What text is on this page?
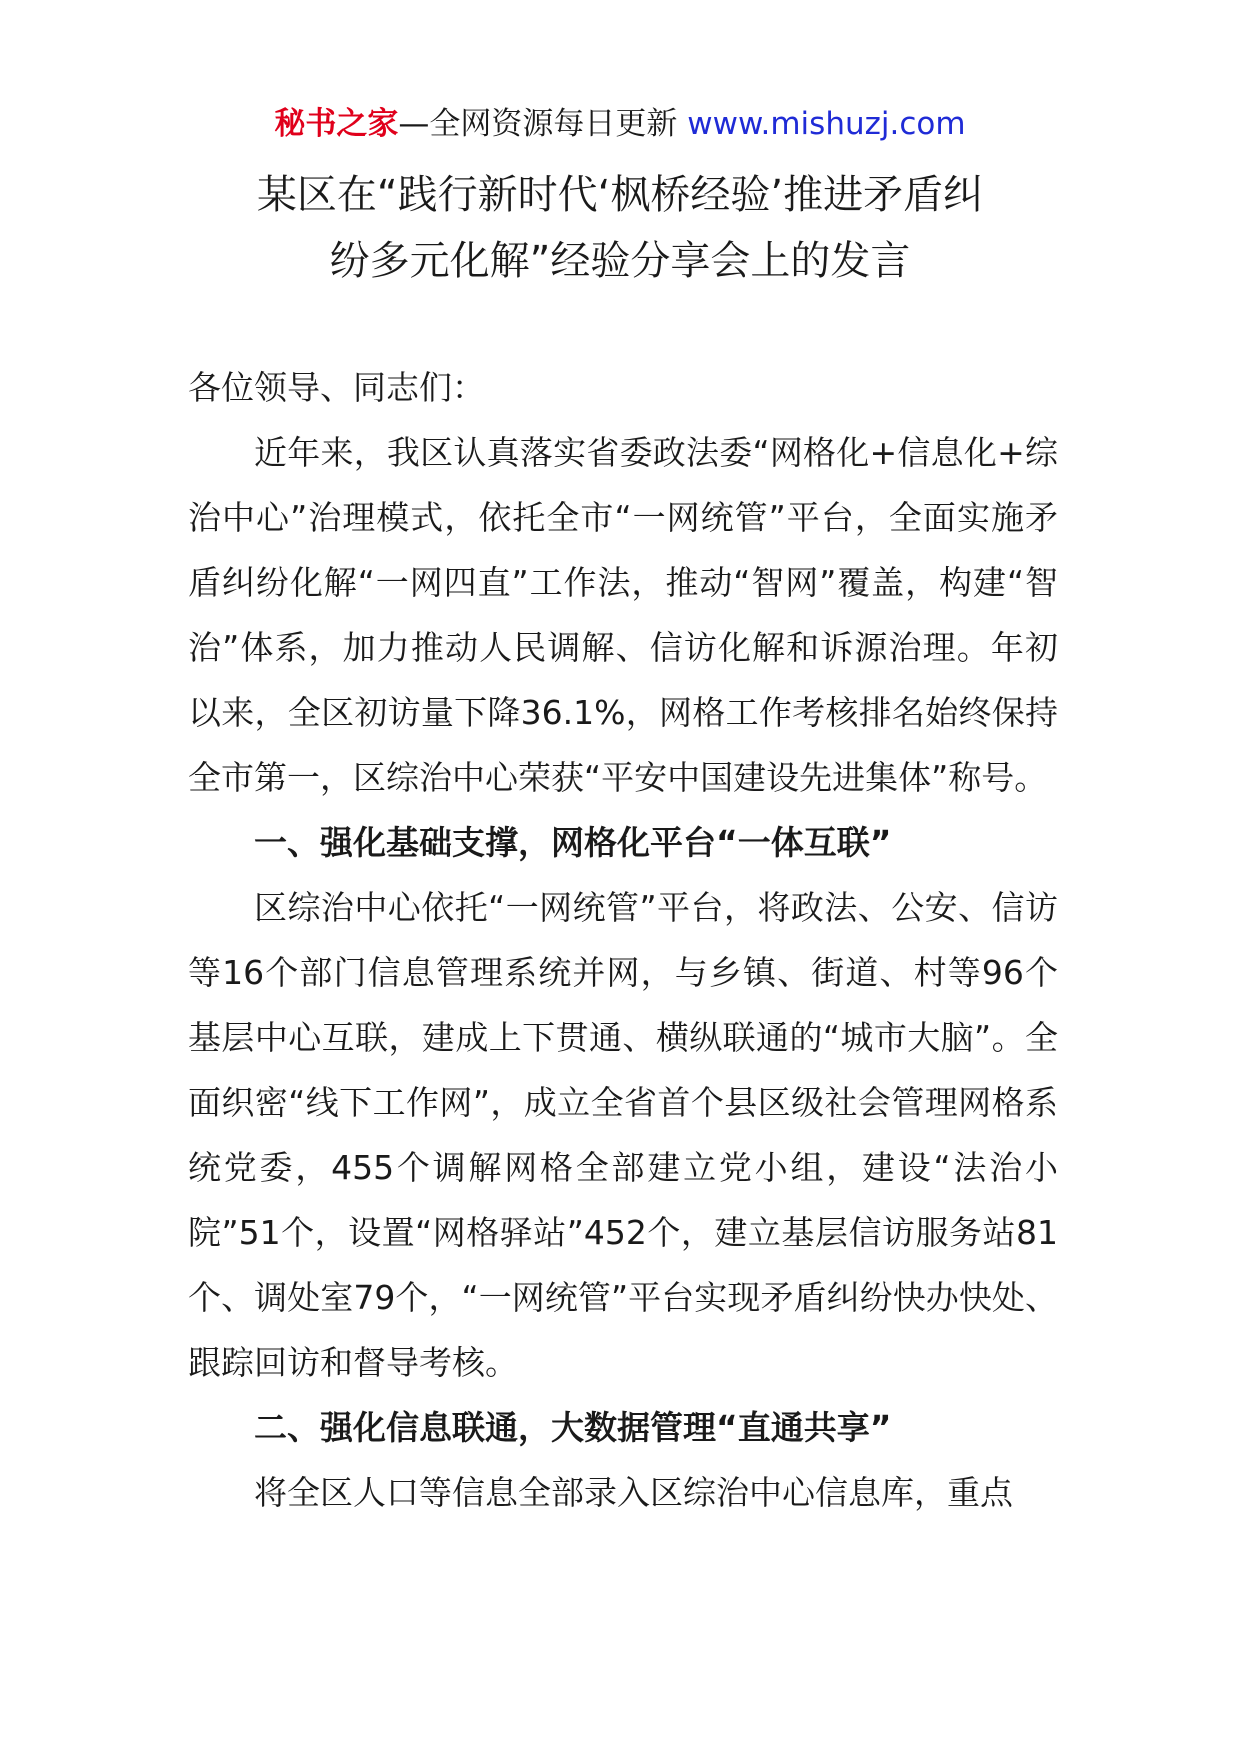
秘书之家—全网资源每日更新 www.mishuzj.com
某区在“践行新时代‘枫桥经验’推进矛盾纠
纷多元化解”经验分享会上的发言

各位领导、同志们：

近年来，我区认真落实省委政法委“网格化+信息化+综治中心”治理模式，依托全市“一网统管”平台，全面实施矛盾纠纷化解“一网四直”工作法，推动“智网”覆盖，构建“智治”体系，加力推动人民调解、信访化解和诉源治理。年初以来，全区初访量下降36.1%，网格工作考核排名始终保持全市第一，区综治中心荣获“平安中国建设先进集体”称号。

一、强化基础支撑，网格化平台“一体互联”

区综治中心依托“一网统管”平台，将政法、公安、信访等16个部门信息管理系统并网，与乡镇、街道、村等96个基层中心互联，建成上下贯通、横纵联通的“城市大脑”。全面织密“线下工作网”，成立全省首个县区级社会管理网格系统党委，455个调解网格全部建立党小组，建设“法治小院”51个，设置“网格驿站”452个，建立基层信访服务站81个、调处室79个，“一网统管”平台实现矛盾纠纷快办快处、跟踪回访和督导考核。

二、强化信息联通，大数据管理“直通共享”

将全区人口等信息全部录入区综治中心信息库，重点
